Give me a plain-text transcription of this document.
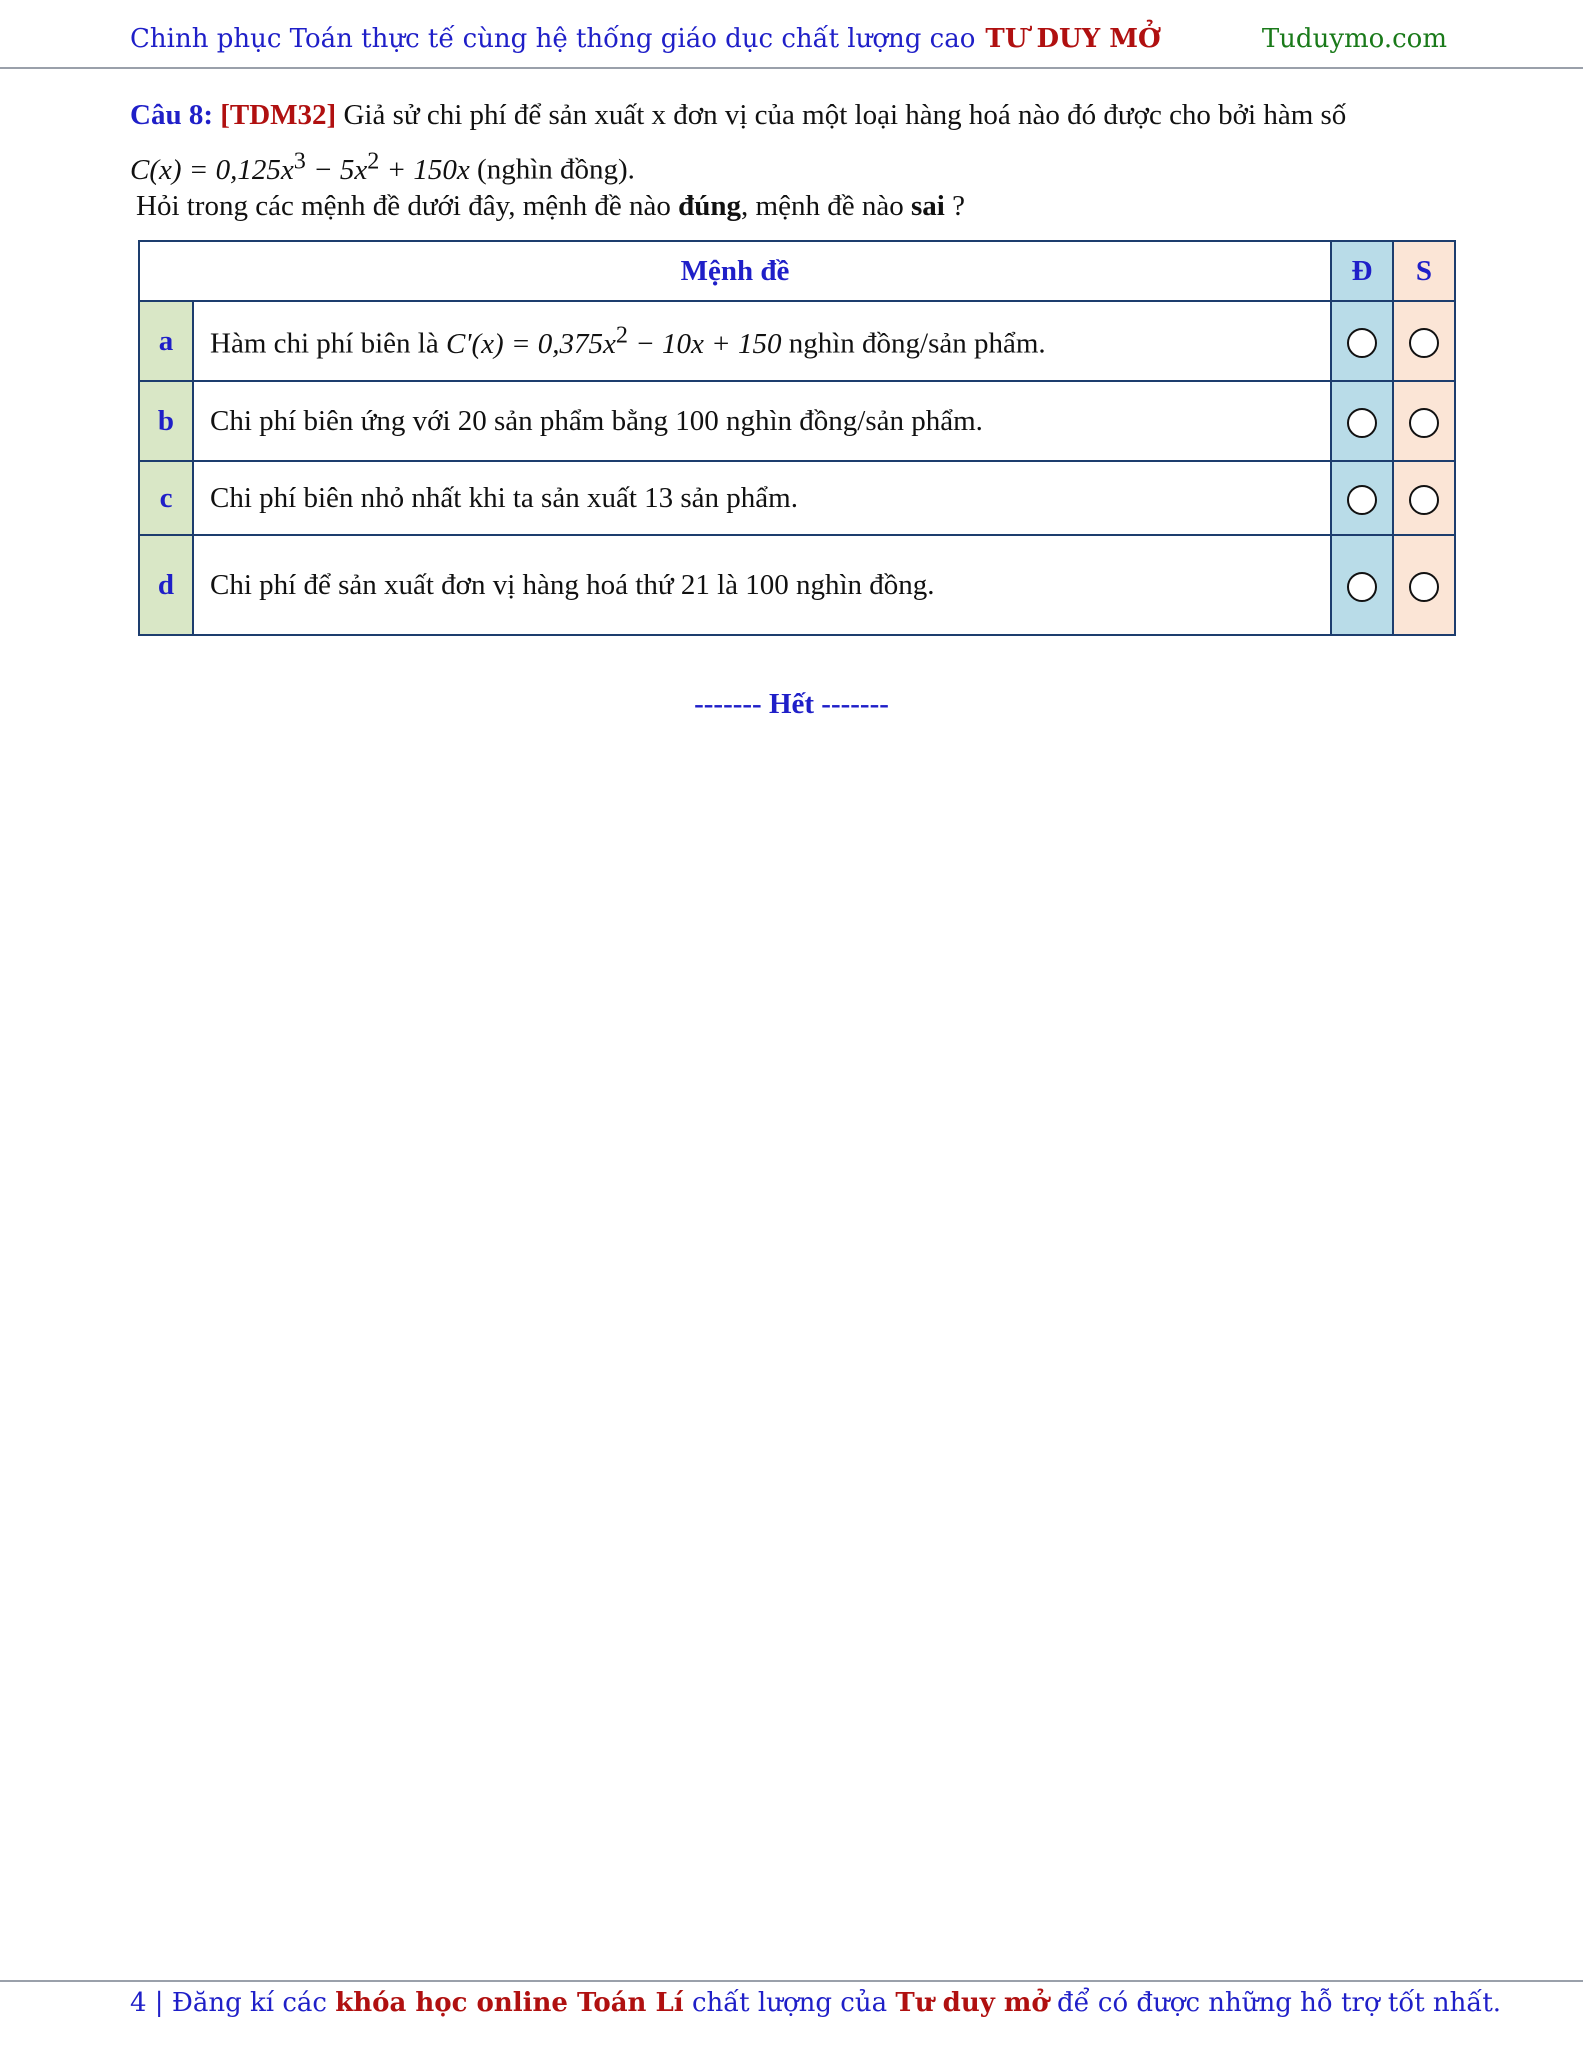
Chinh phục Toán thực tế cùng hệ thống giáo dục chất lượng cao TƯ DUY MỞ	Tuduymo.com
Câu 8: [TDM32] Giả sử chi phí để sản xuất x đơn vị của một loại hàng hoá nào đó được cho bởi hàm số
$C(x) = 0,125x^3 - 5x^2 + 150x$ (nghìn đồng).
Hỏi trong các mệnh đề dưới đây, mệnh đề nào đúng, mệnh đề nào sai ?
Mệnh đề		Đ	S
a	Hàm chi phí biên là $C'(x) = 0,375x^2 - 10x + 150$ nghìn đồng/sản phẩm.		
b	Chi phí biên ứng với 20 sản phẩm bằng 100 nghìn đồng/sản phẩm.		
c	Chi phí biên nhỏ nhất khi ta sản xuất 13 sản phẩm.		
d	Chi phí để sản xuất đơn vị hàng hoá thứ 21 là 100 nghìn đồng.		
------- Hết -------
4 | Đăng kí các khóa học online Toán Lí chất lượng của Tư duy mở để có được những hỗ trợ tốt nhất.
